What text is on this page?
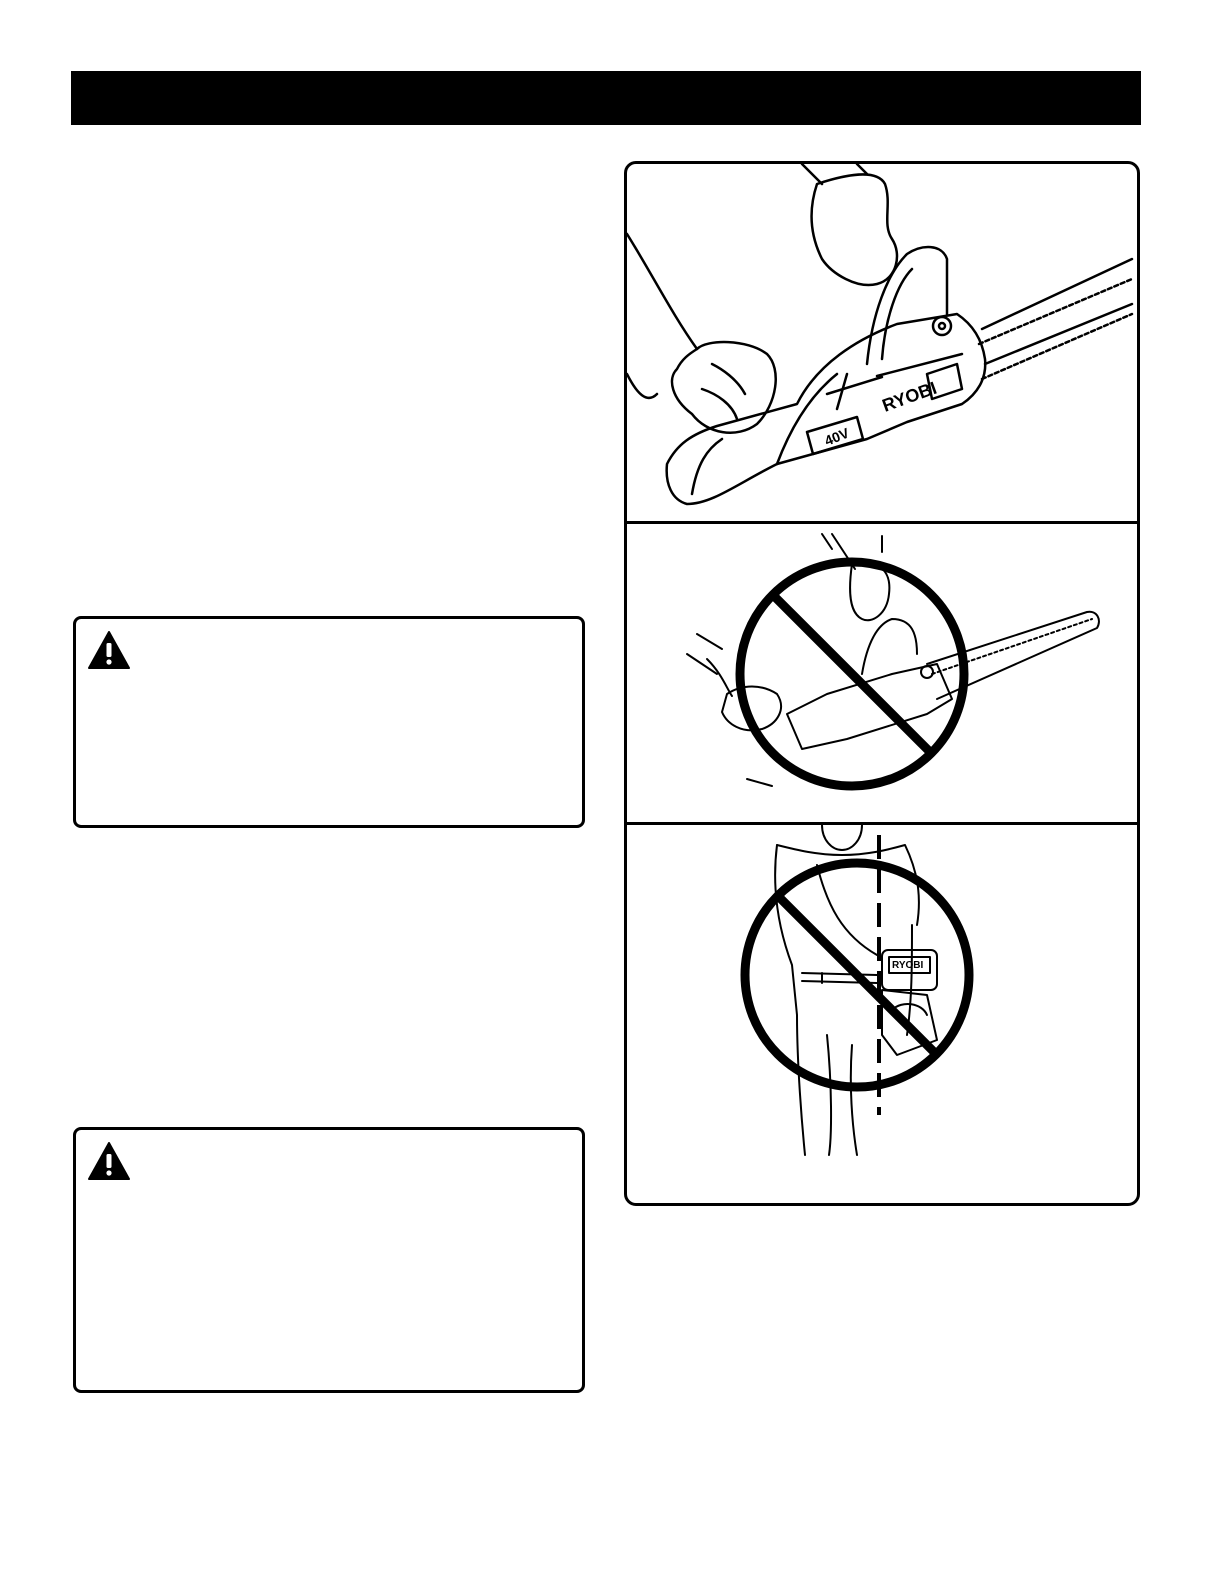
RYOBI
40V
RYOBI
